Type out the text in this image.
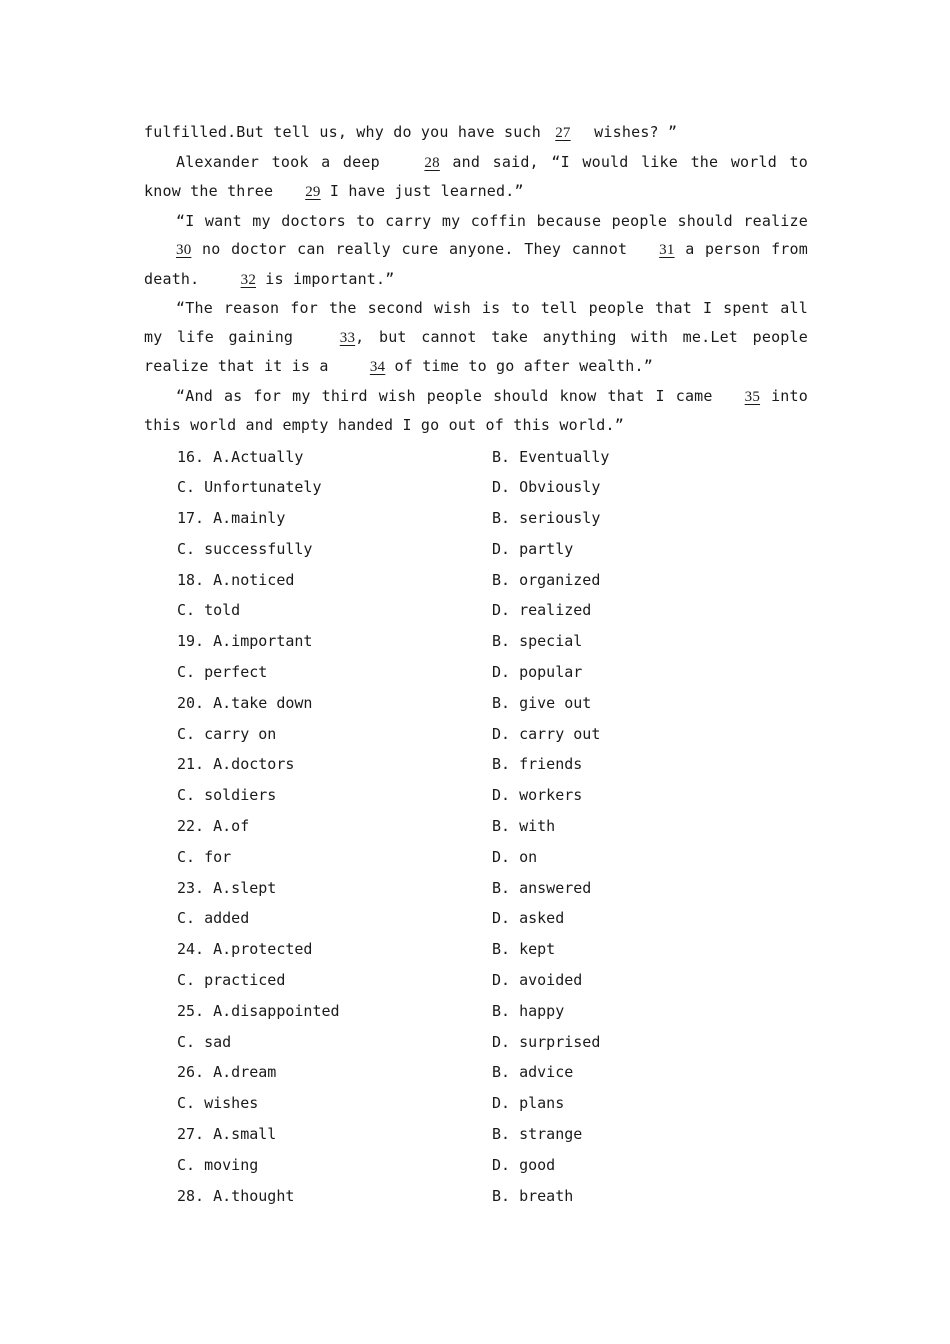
fulfilled.But tell us, why do you have such 27 wishes? ”

Alexander took a deep 28 and said, “I would like the world to know the three 29 I have just learned.”

“I want my doctors to carry my coffin because people should realize 30 no doctor can really cure anyone. They cannot 31 a person from death. 32 is important.”

“The reason for the second wish is to tell people that I spent all my life gaining 33, but cannot take anything with me.Let people realize that it is a 34 of time to go after wealth.”

“And as for my third wish people should know that I came 35 into this world and empty handed I go out of this world.”

16. A.Actually	B. Eventually
C. Unfortunately	D. Obviously
17. A.mainly	B. seriously
C. successfully	D. partly
18. A.noticed	B. organized
C. told	D. realized
19. A.important	B. special
C. perfect	D. popular
20. A.take down	B. give out
C. carry on	D. carry out
21. A.doctors	B. friends
C. soldiers	D. workers
22. A.of	B. with
C. for	D. on
23. A.slept	B. answered
C. added	D. asked
24. A.protected	B. kept
C. practiced	D. avoided
25. A.disappointed	B. happy
C. sad	D. surprised
26. A.dream	B. advice
C. wishes	D. plans
27. A.small	B. strange
C. moving	D. good
28. A.thought	B. breath
